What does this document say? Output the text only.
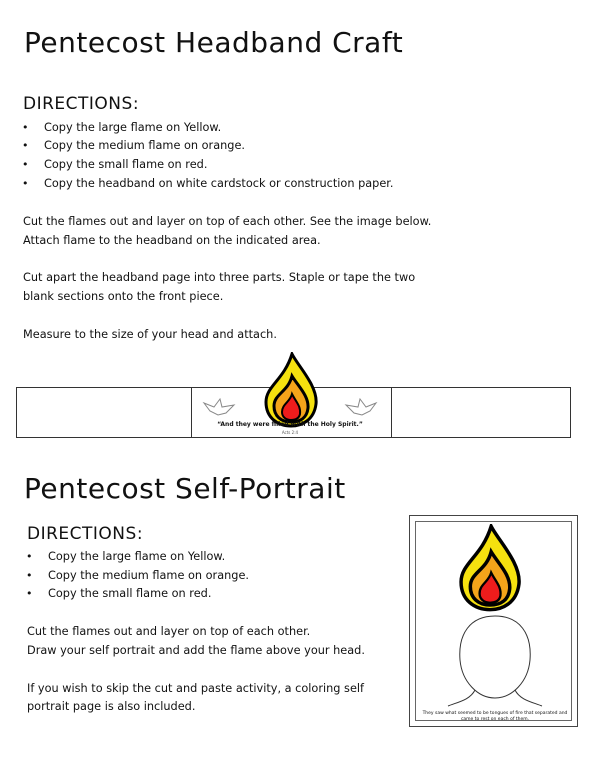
Pentecost Headband Craft
DIRECTIONS:
• Copy the large flame on Yellow.
• Copy the medium flame on orange.
• Copy the small flame on red.
• Copy the headband on white cardstock or construction paper.
Cut the flames out and layer on top of each other. See the image below.
Attach flame to the headband on the indicated area.
Cut apart the headband page into three parts. Staple or tape the two
blank sections onto the front piece.
Measure to the size of your head and attach.
“And they were filled with the Holy Spirit.”
Acts 2:4
Pentecost Self-Portrait
DIRECTIONS:
• Copy the large flame on Yellow.
• Copy the medium flame on orange.
• Copy the small flame on red.
Cut the flames out and layer on top of each other.
Draw your self portrait and add the flame above your head.
If you wish to skip the cut and paste activity, a coloring self
portrait page is also included.
They saw what seemed to be tongues of fire that separated and came to rest on each of them.
